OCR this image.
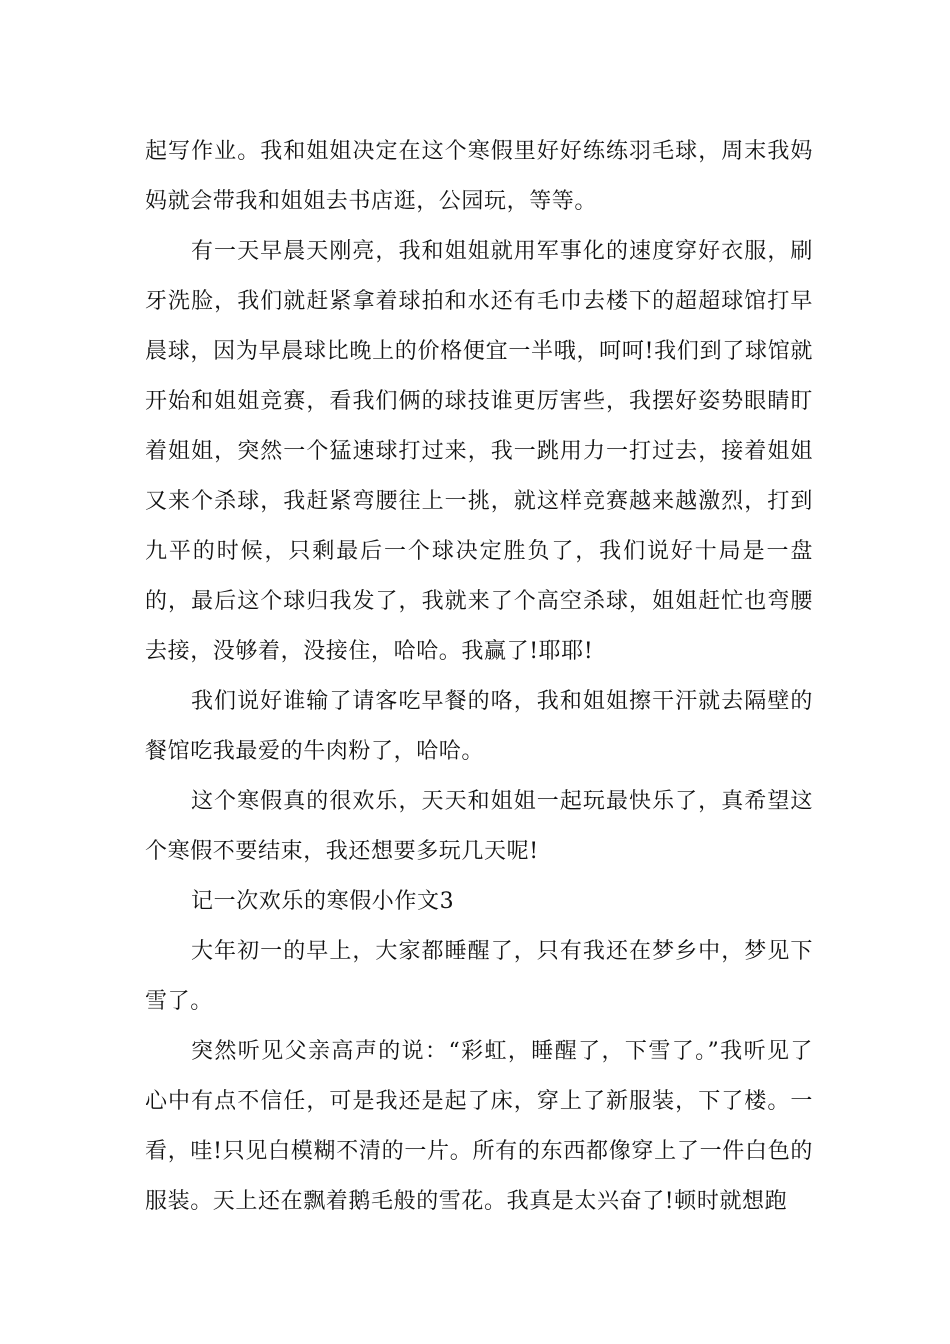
起写作业。我和姐姐决定在这个寒假里好好练练羽毛球，周末我妈妈就会带我和姐姐去书店逛，公园玩，等等。

有一天早晨天刚亮，我和姐姐就用军事化的速度穿好衣服，刷牙洗脸，我们就赶紧拿着球拍和水还有毛巾去楼下的超超球馆打早晨球，因为早晨球比晚上的价格便宜一半哦，呵呵!我们到了球馆就开始和姐姐竞赛，看我们俩的球技谁更厉害些，我摆好姿势眼睛盯着姐姐，突然一个猛速球打过来，我一跳用力一打过去，接着姐姐又来个杀球，我赶紧弯腰往上一挑，就这样竞赛越来越激烈，打到九平的时候，只剩最后一个球决定胜负了，我们说好十局是一盘的，最后这个球归我发了，我就来了个高空杀球，姐姐赶忙也弯腰去接，没够着，没接住，哈哈。我赢了!耶耶!

我们说好谁输了请客吃早餐的咯，我和姐姐擦干汗就去隔壁的餐馆吃我最爱的牛肉粉了，哈哈。

这个寒假真的很欢乐，天天和姐姐一起玩最快乐了，真希望这个寒假不要结束，我还想要多玩几天呢!

记一次欢乐的寒假小作文3

大年初一的早上，大家都睡醒了，只有我还在梦乡中，梦见下雪了。

突然听见父亲高声的说：“彩虹，睡醒了，下雪了。”我听见了心中有点不信任，可是我还是起了床，穿上了新服装，下了楼。一看，哇!只见白模糊不清的一片。所有的东西都像穿上了一件白色的服装。天上还在飘着鹅毛般的雪花。我真是太兴奋了!顿时就想跑
